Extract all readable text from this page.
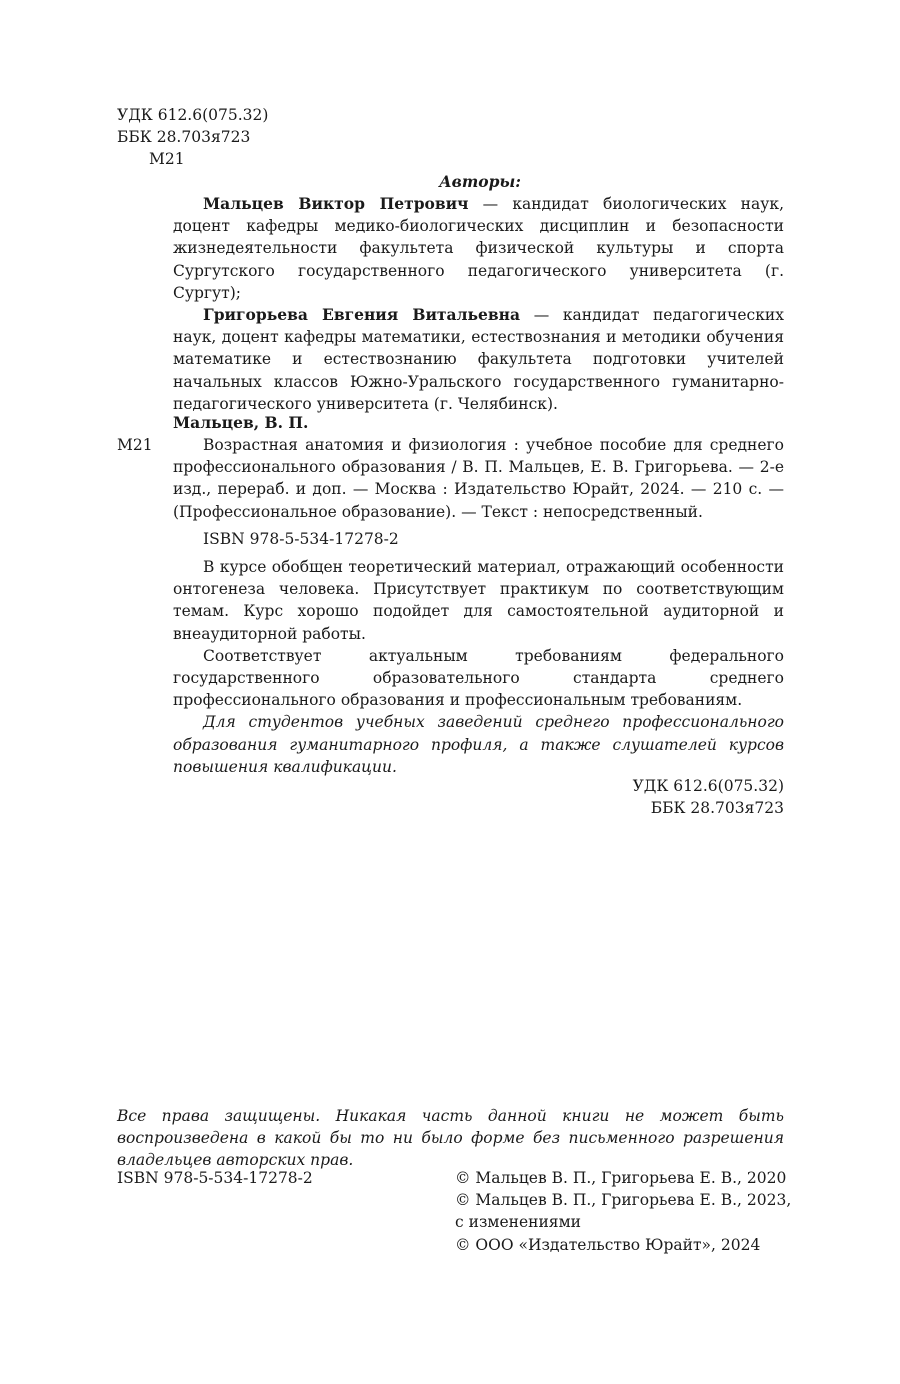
УДК 612.6(075.32)
ББК 28.703я723
М21
Авторы:

Мальцев Виктор Петрович — кандидат биологических наук, доцент кафедры медико-биологических дисциплин и безопасности жизнедеятельности факультета физической культуры и спорта Сургутского государственного педагогического университета (г. Сургут);

Григорьева Евгения Витальевна — кандидат педагогических наук, доцент кафедры математики, естествознания и методики обучения математике и естествознанию факультета подготовки учителей начальных классов Южно-Уральского государственного гуманитарно-педагогического университета (г. Челябинск).

Мальцев, В. П.
М21	Возрастная анатомия и физиология : учебное пособие для среднего профессионального образования / В. П. Мальцев, Е. В. Григорьева. — 2-е изд., перераб. и доп. — Москва : Издательство Юрайт, 2024. — 210 с. — (Профессиональное образование). — Текст : непосредственный.
ISBN 978-5-534-17278-2

В курсе обобщен теоретический материал, отражающий особенности онтогенеза человека. Присутствует практикум по соответствующим темам. Курс хорошо подойдет для самостоятельной аудиторной и внеаудиторной работы.

Соответствует актуальным требованиям федерального государственного образовательного стандарта среднего профессионального образования и профессиональным требованиям.

Для студентов учебных заведений среднего профессионального образования гуманитарного профиля, а также слушателей курсов повышения квалификации.

УДК 612.6(075.32)
ББК 28.703я723
Все права защищены. Никакая часть данной книги не может быть воспроизведена в какой бы то ни было форме без письменного разрешения владельцев авторских прав.
ISBN 978-5-534-17278-2	© Мальцев В. П., Григорьева Е. В., 2020
© Мальцев В. П., Григорьева Е. В., 2023,
с изменениями
© ООО «Издательство Юрайт», 2024
